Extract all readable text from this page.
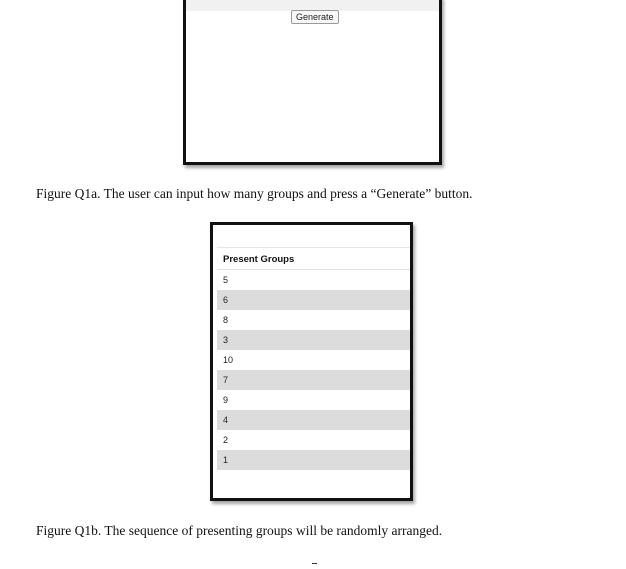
Generate
Figure Q1a. The user can input how many groups and press a “Generate” button.
Present Groups
5
6
8
3
10
7
9
4
2
1
Figure Q1b. The sequence of presenting groups will be randomly arranged.
